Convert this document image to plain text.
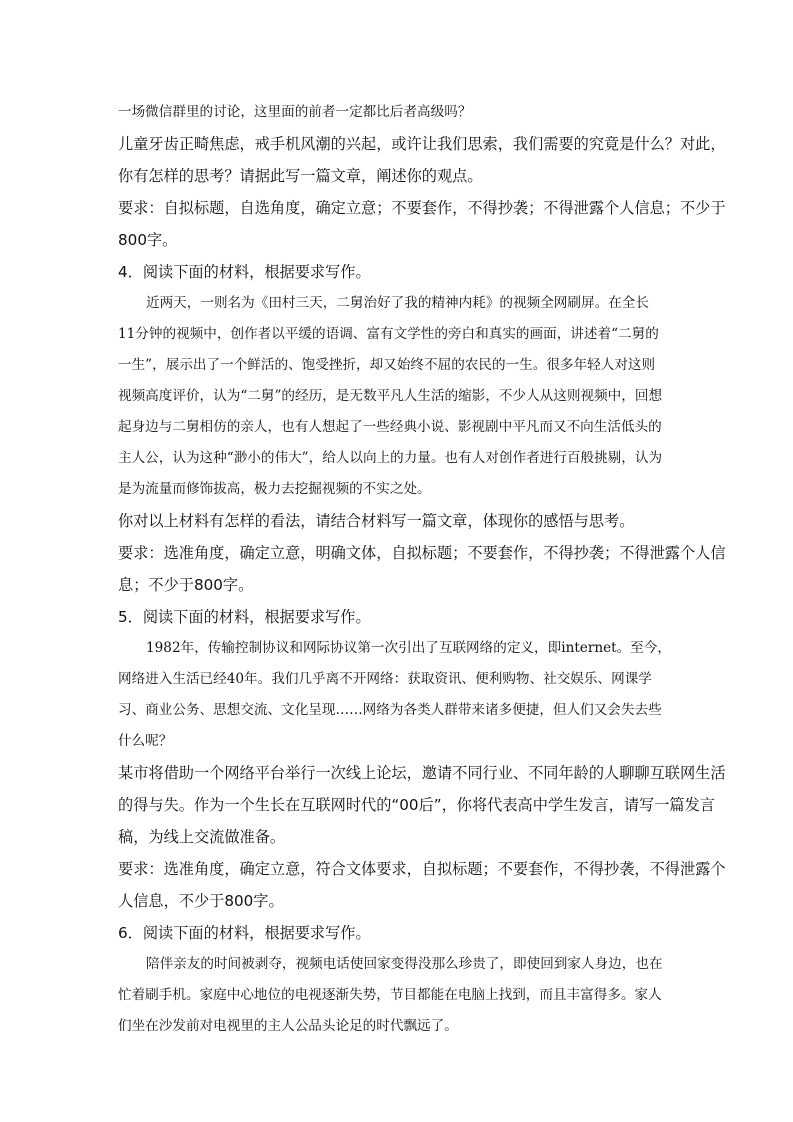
一场微信群里的讨论，这里面的前者一定都比后者高级吗？
儿童牙齿正畸焦虑，戒手机风潮的兴起，或许让我们思索，我们需要的究竟是什么？对此，
你有怎样的思考？请据此写一篇文章，阐述你的观点。
要求：自拟标题，自选角度，确定立意；不要套作，不得抄袭；不得泄露个人信息；不少于
800字。
4．阅读下面的材料，根据要求写作。
近两天，一则名为《田村三天，二舅治好了我的精神内耗》的视频全网刷屏。在全长
11分钟的视频中，创作者以平缓的语调、富有文学性的旁白和真实的画面，讲述着“二舅的
一生”，展示出了一个鲜活的、饱受挫折，却又始终不屈的农民的一生。很多年轻人对这则
视频高度评价，认为“二舅”的经历，是无数平凡人生活的缩影，不少人从这则视频中，回想
起身边与二舅相仿的亲人，也有人想起了一些经典小说、影视剧中平凡而又不向生活低头的
主人公，认为这种“渺小的伟大”，给人以向上的力量。也有人对创作者进行百般挑剔，认为
是为流量而修饰拔高，极力去挖掘视频的不实之处。
你对以上材料有怎样的看法，请结合材料写一篇文章，体现你的感悟与思考。
要求：选准角度，确定立意，明确文体，自拟标题；不要套作，不得抄袭；不得泄露个人信
息；不少于800字。
5．阅读下面的材料，根据要求写作。
1982年，传输控制协议和网际协议第一次引出了互联网络的定义，即internet。至今，
网络进入生活已经40年。我们几乎离不开网络：获取资讯、便利购物、社交娱乐、网课学
习、商业公务、思想交流、文化呈现……网络为各类人群带来诸多便捷，但人们又会失去些
什么呢？
某市将借助一个网络平台举行一次线上论坛，邀请不同行业、不同年龄的人聊聊互联网生活
的得与失。作为一个生长在互联网时代的“00后”，你将代表高中学生发言，请写一篇发言
稿，为线上交流做准备。
要求：选准角度，确定立意，符合文体要求，自拟标题；不要套作，不得抄袭，不得泄露个
人信息，不少于800字。
6．阅读下面的材料，根据要求写作。
陪伴亲友的时间被剥夺，视频电话使回家变得没那么珍贵了，即使回到家人身边，也在
忙着刷手机。家庭中心地位的电视逐渐失势，节目都能在电脑上找到，而且丰富得多。家人
们坐在沙发前对电视里的主人公品头论足的时代飘远了。
